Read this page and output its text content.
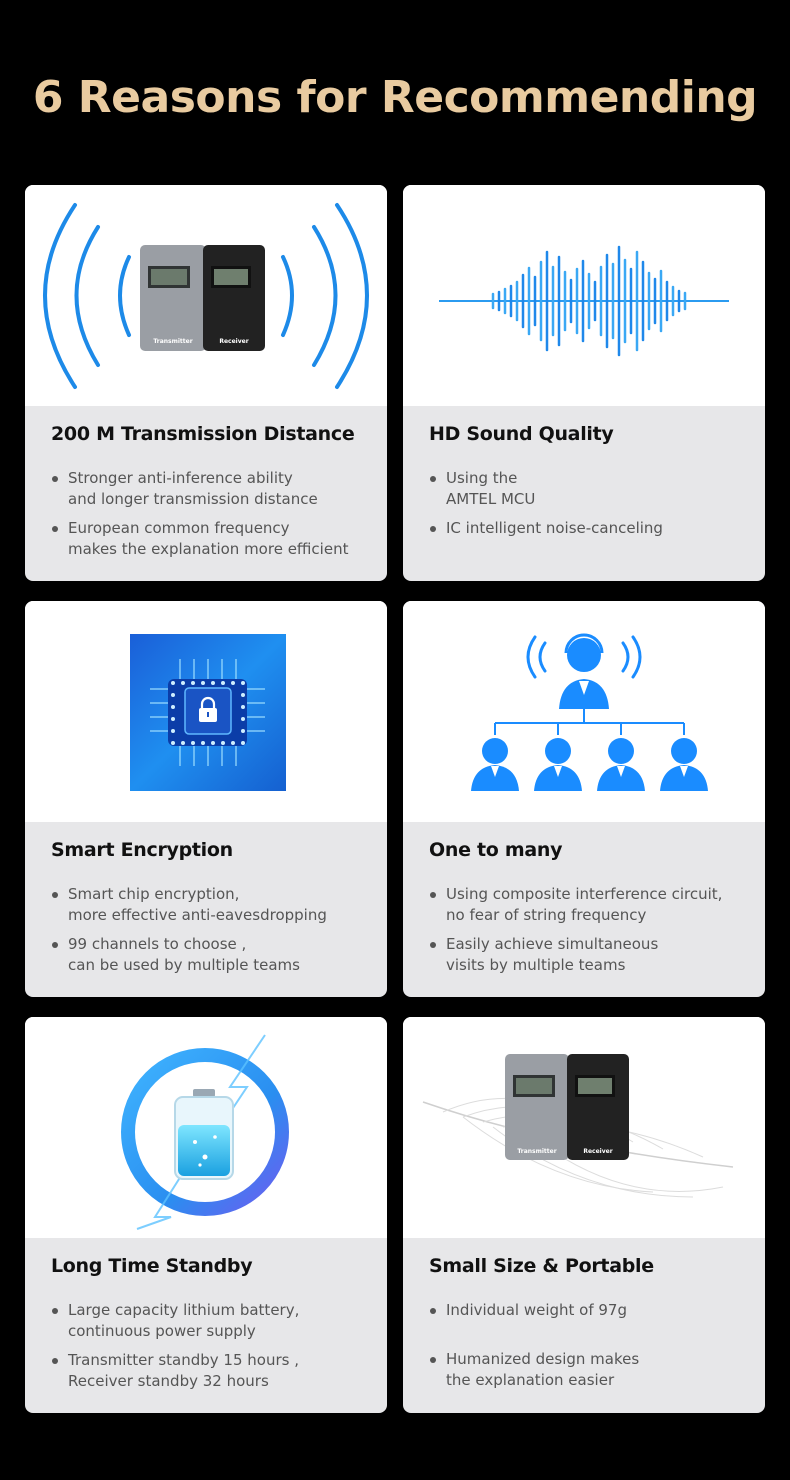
6 Reasons for Recommending
Transmitter	Receiver
200 M Transmission Distance
Stronger anti-inference ability
and longer transmission distance
European common frequency
makes the explanation more efficient
HD Sound Quality
Using the
AMTEL MCU
IC intelligent noise-canceling
Smart Encryption
Smart chip encryption,
more effective anti-eavesdropping
99 channels to choose ,
can be used by multiple teams
One to many
Using composite interference circuit,
no fear of string frequency
Easily achieve simultaneous
visits by multiple teams
Long Time Standby
Large capacity lithium battery,
continuous power supply
Transmitter standby 15 hours ,
Receiver standby 32 hours
Transmitter	Receiver
Small Size & Portable
Individual weight of 97g
Humanized design makes
the explanation easier
